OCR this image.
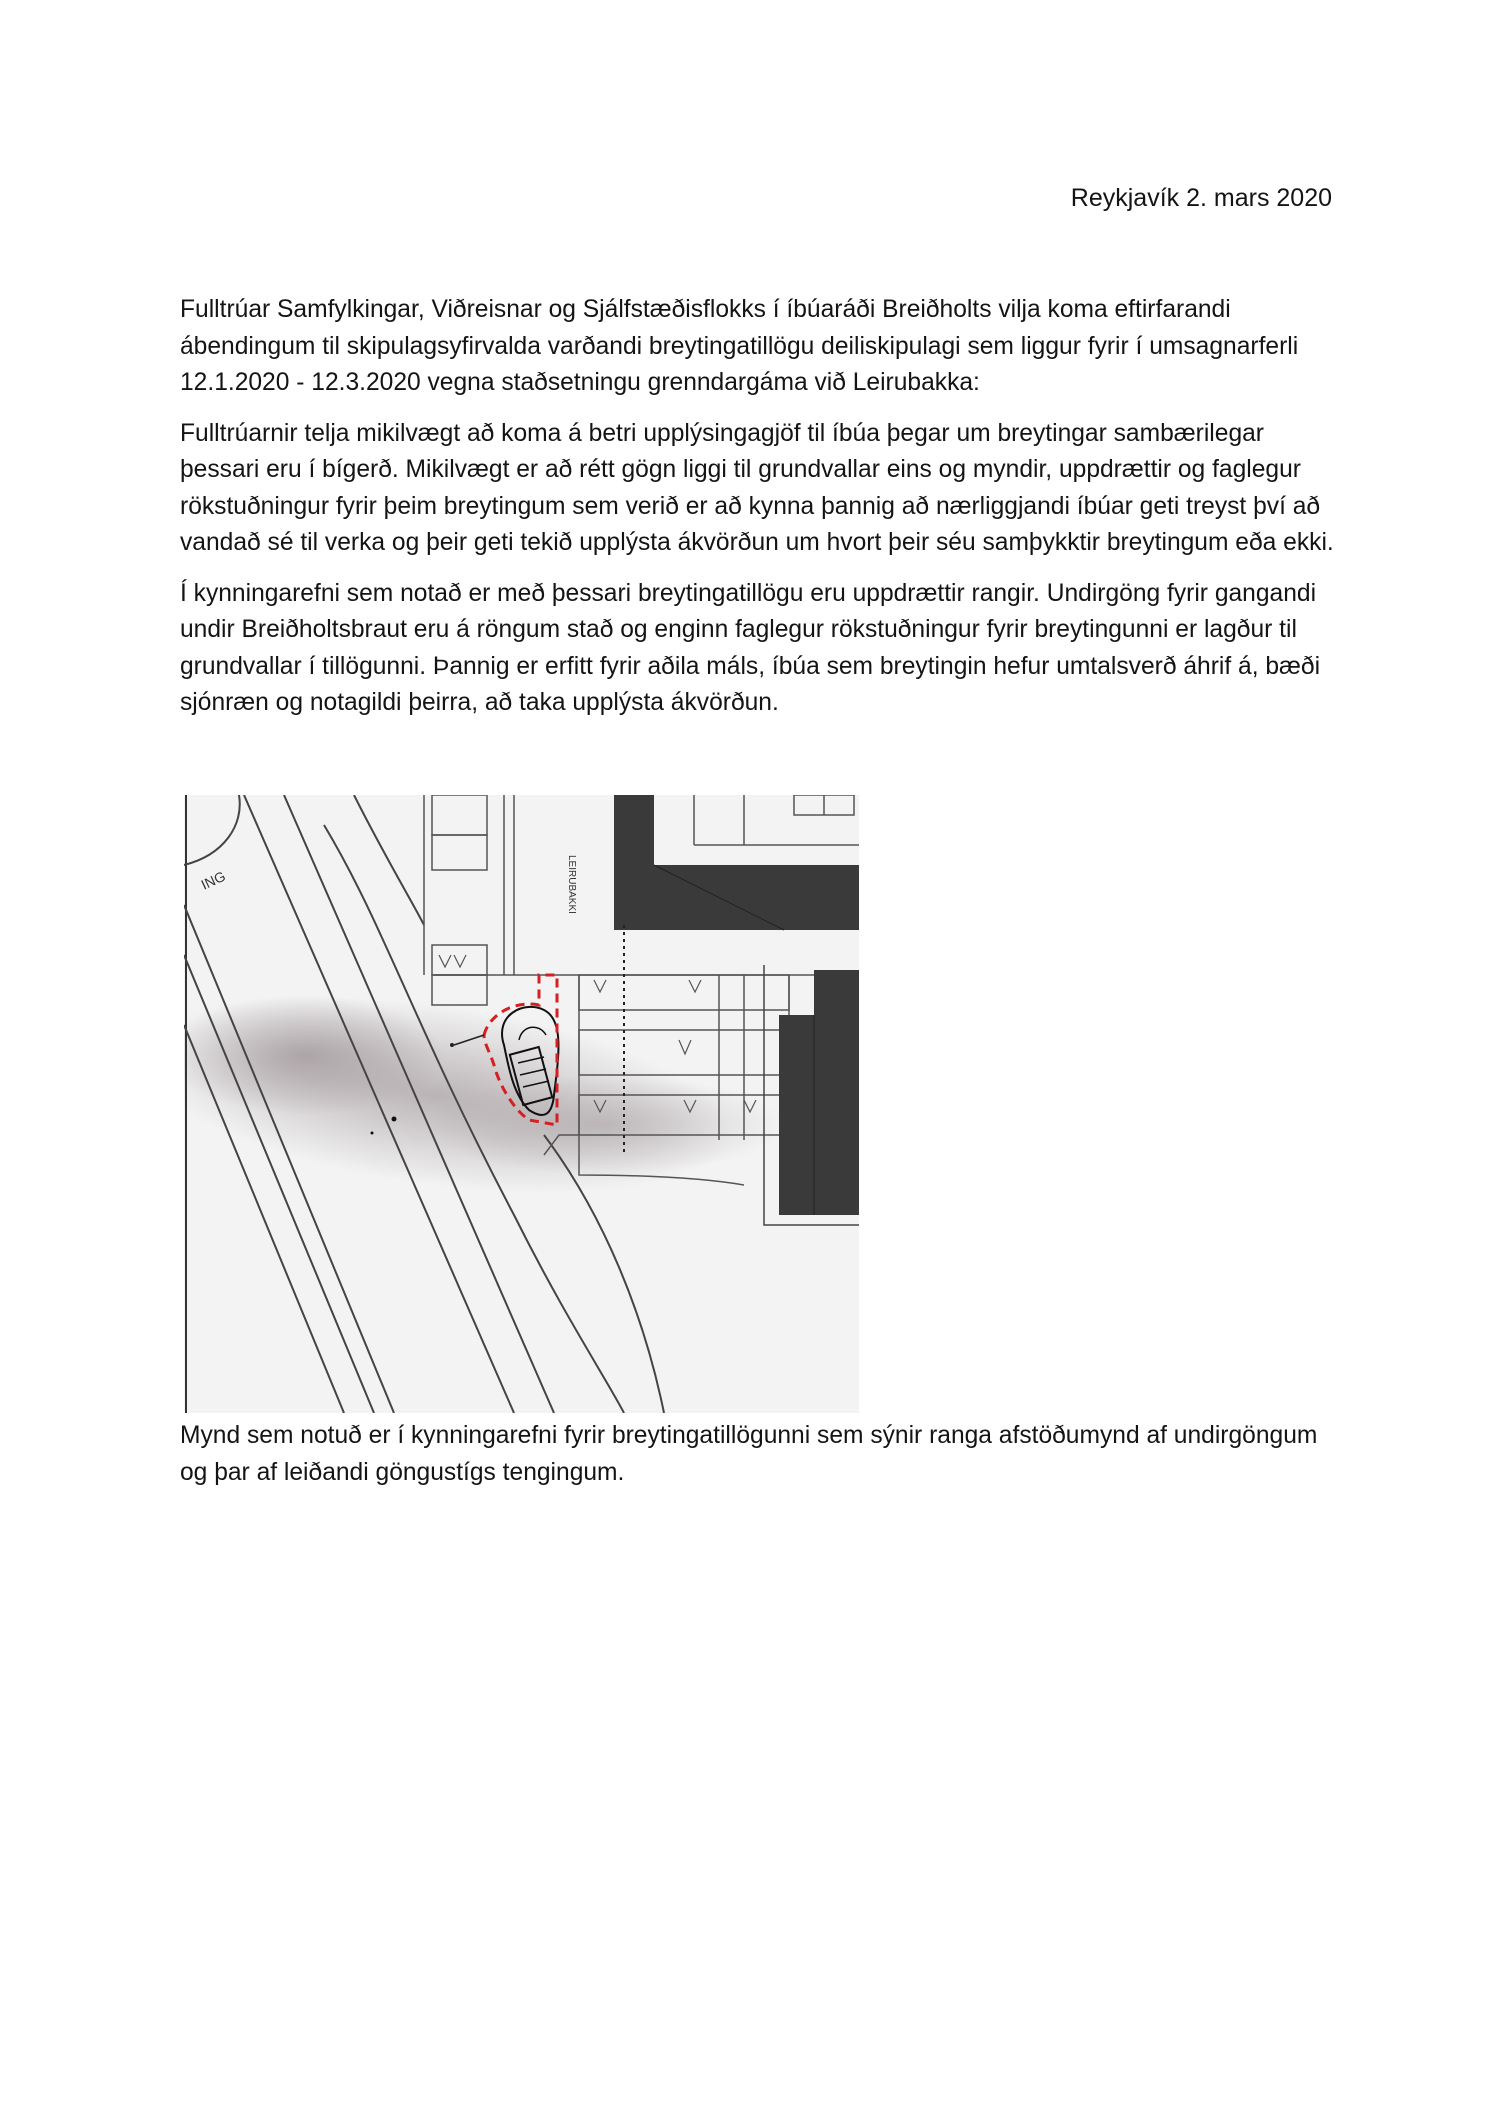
Reykjavík 2. mars 2020

Fulltrúar Samfylkingar, Viðreisnar og Sjálfstæðisflokks í íbúaráði Breiðholts vilja koma eftirfarandi ábendingum til skipulagsyfirvalda varðandi breytingatillögu deiliskipulagi sem liggur fyrir í umsagnarferli 12.1.2020 - 12.3.2020 vegna staðsetningu grenndargáma við Leirubakka:

Fulltrúarnir telja mikilvægt að koma á betri upplýsingagjöf til íbúa þegar um breytingar sambærilegar þessari eru í bígerð. Mikilvægt er að rétt gögn liggi til grundvallar eins og myndir, uppdrættir og faglegur rökstuðningur fyrir þeim breytingum sem verið er að kynna þannig að nærliggjandi íbúar geti treyst því að vandað sé til verka og þeir geti tekið upplýsta ákvörðun um hvort þeir séu samþykktir breytingum eða ekki.

Í kynningarefni sem notað er með þessari breytingatillögu eru uppdrættir rangir. Undirgöng fyrir gangandi undir Breiðholtsbraut eru á röngum stað og enginn faglegur rökstuðningur fyrir breytingunni er lagður til grundvallar í tillögunni. Þannig er erfitt fyrir aðila máls, íbúa sem breytingin hefur umtalsverð áhrif á, bæði sjónræn og notagildi þeirra, að taka upplýsta ákvörðun.

ING	LEIRUBAKKI
Mynd sem notuð er í kynningarefni fyrir breytingatillögunni sem sýnir ranga afstöðumynd af undirgöngum og þar af leiðandi göngustígs tengingum.
